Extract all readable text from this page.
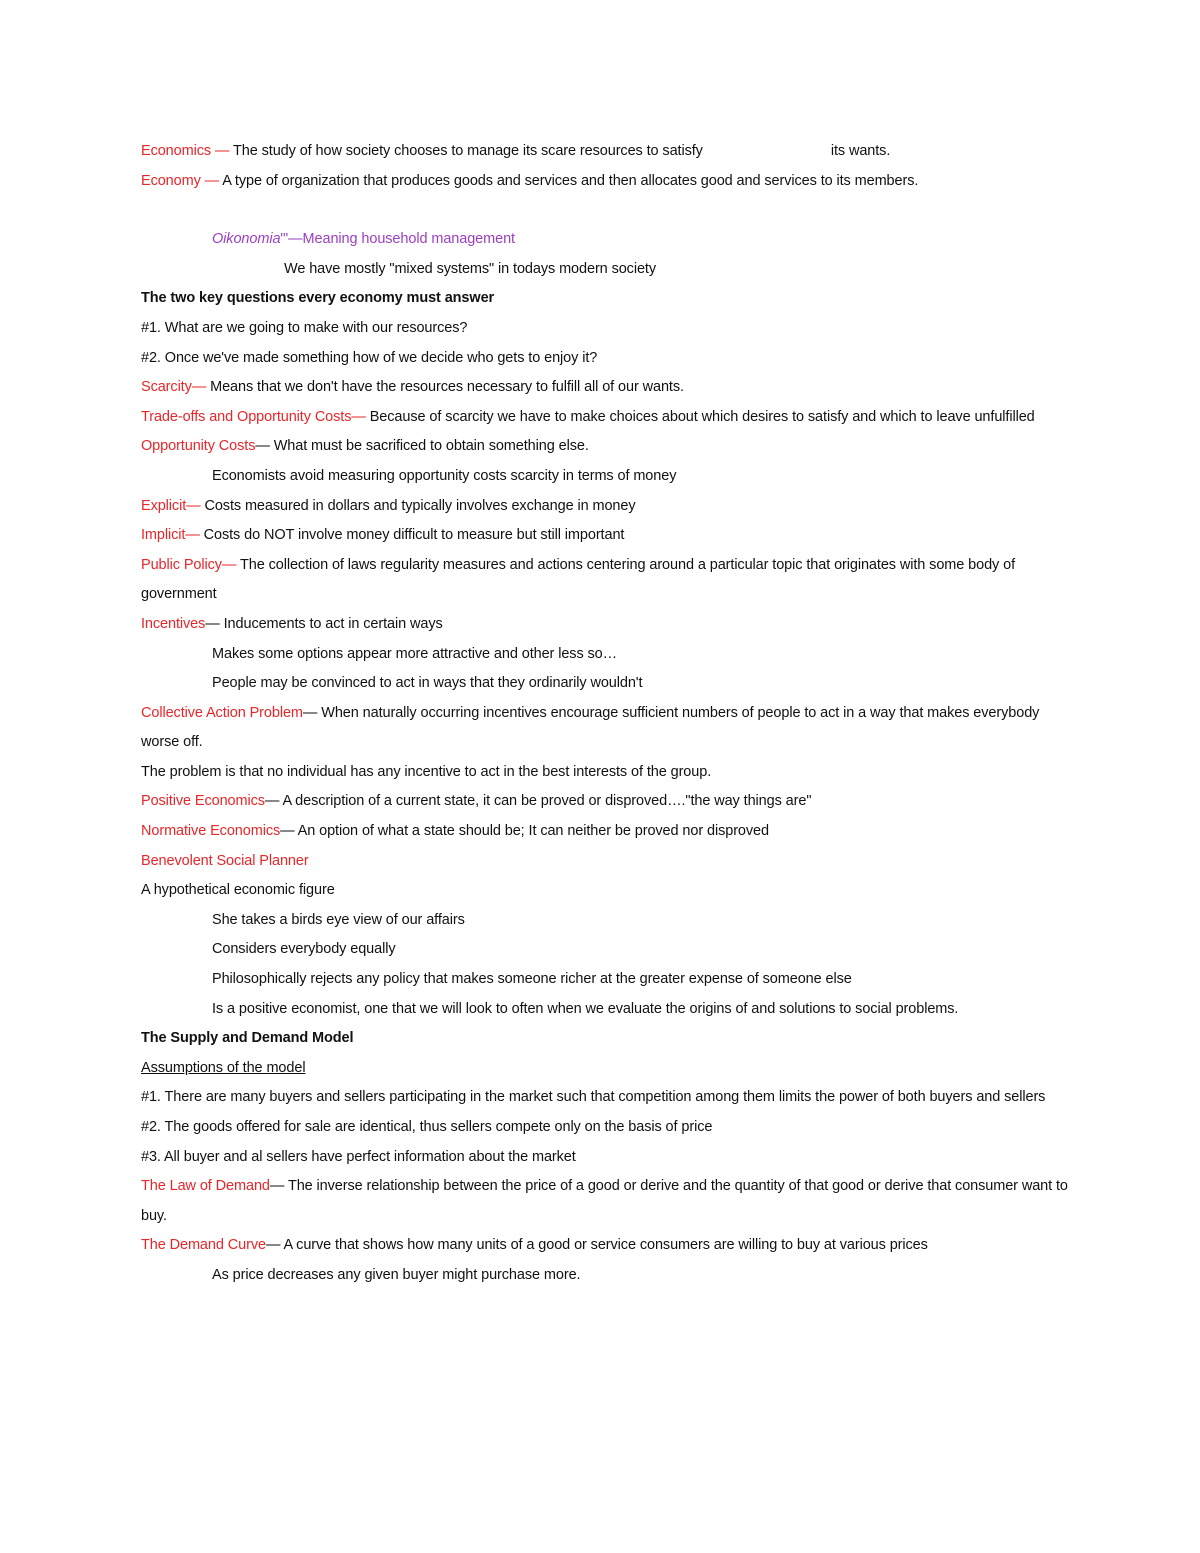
Economics — The study of how society chooses to manage its scare resources to satisfy	its wants.
Economy — A type of organization that produces goods and services and then allocates good and services to its members.
Oikonomia"'—Meaning household management
We have mostly "mixed systems" in todays modern society
The two key questions every economy must answer
#1. What are we going to make with our resources?
#2. Once we've made something how of we decide who gets to enjoy it?
Scarcity— Means that we don't have the resources necessary to fulfill all of our wants.
Trade-offs and Opportunity Costs— Because of scarcity we have to make choices about which desires to satisfy and which to leave unfulfilled
Opportunity Costs— What must be sacrificed to obtain something else.
Economists avoid measuring opportunity costs scarcity in terms of money
Explicit— Costs measured in dollars and typically involves exchange in money
Implicit— Costs do NOT involve money difficult to measure but still important
Public Policy— The collection of laws regularity measures and actions centering around a particular topic that originates with some body of government
Incentives— Inducements to act in certain ways
Makes some options appear more attractive and other less so…
People may be convinced to act in ways that they ordinarily wouldn't
Collective Action Problem— When naturally occurring incentives encourage sufficient numbers of people to act in a way that makes everybody worse off.
The problem is that no individual has any incentive to act in the best interests of the group.
Positive Economics— A description of a current state, it can be proved or disproved…."the way things are"
Normative Economics— An option of what a state should be; It can neither be proved nor disproved
Benevolent Social Planner
A hypothetical economic figure
She takes a birds eye view of our affairs
Considers everybody equally
Philosophically rejects any policy that makes someone richer at the greater expense of someone else
Is a positive economist, one that we will look to often when we evaluate the origins of and solutions to social problems.
The Supply and Demand Model
Assumptions of the model
#1. There are many buyers and sellers participating in the market such that competition among them limits the power of both buyers and sellers
#2. The goods offered for sale are identical, thus sellers compete only on the basis of price
#3. All buyer and al sellers have perfect information about the market
The Law of Demand— The inverse relationship between the price of a good or derive and the quantity of that good or derive that consumer want to buy.
The Demand Curve— A curve that shows how many units of a good or service consumers are willing to buy at various prices
As price decreases any given buyer might purchase more.
